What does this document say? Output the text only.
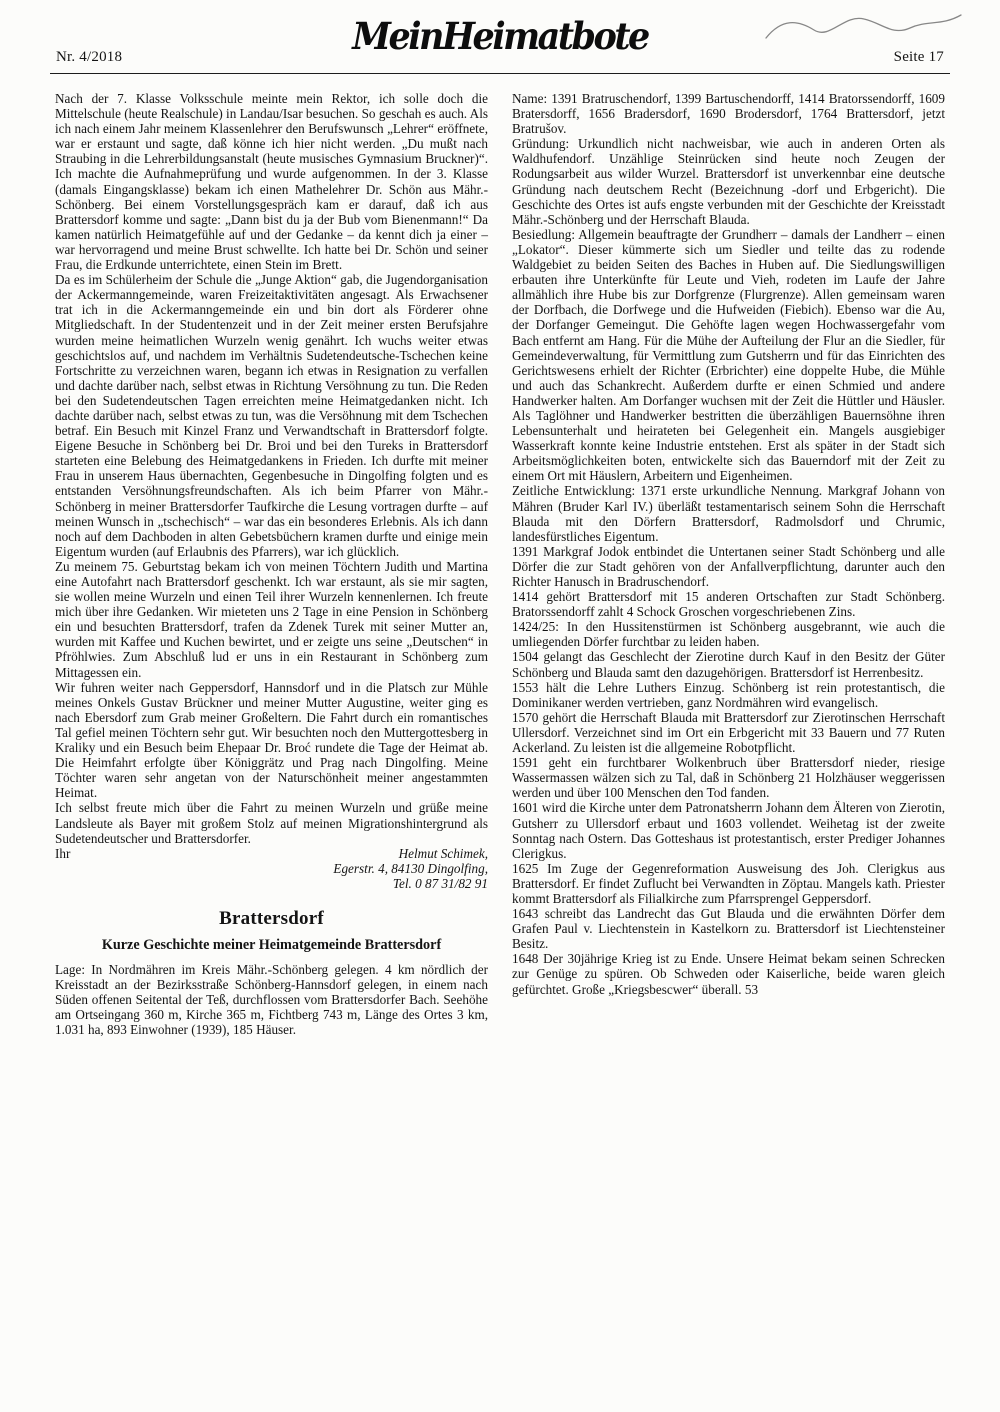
Nr. 4/2018	MeinHeimatbote	Seite 17

Nach der 7. Klasse Volksschule meinte mein Rektor, ich solle doch die Mittelschule (heute Realschule) in Landau/Isar besuchen. So geschah es auch. Als ich nach einem Jahr meinem Klassenlehrer den Berufswunsch „Lehrer“ eröffnete, war er erstaunt und sagte, daß könne ich hier nicht werden. „Du mußt nach Straubing in die Lehrerbildungsanstalt (heute musisches Gymnasium Bruckner)“. Ich machte die Aufnahmeprüfung und wurde aufgenommen. In der 3. Klasse (damals Eingangsklasse) bekam ich einen Mathelehrer Dr. Schön aus Mähr.-Schönberg. Bei einem Vorstellungsgespräch kam er darauf, daß ich aus Brattersdorf komme und sagte: „Dann bist du ja der Bub vom Bienenmann!“ Da kamen natürlich Heimatgefühle auf und der Gedanke – da kennt dich ja einer – war hervorragend und meine Brust schwellte. Ich hatte bei Dr. Schön und seiner Frau, die Erdkunde unterrichtete, einen Stein im Brett.

Da es im Schülerheim der Schule die „Junge Aktion“ gab, die Jugendorganisation der Ackermanngemeinde, waren Freizeitaktivitäten angesagt. Als Erwachsener trat ich in die Ackermanngemeinde ein und bin dort als Förderer ohne Mitgliedschaft. In der Studentenzeit und in der Zeit meiner ersten Berufsjahre wurden meine heimatlichen Wurzeln wenig genährt. Ich wuchs weiter etwas geschichtslos auf, und nachdem im Verhältnis Sudetendeutsche-Tschechen keine Fortschritte zu verzeichnen waren, begann ich etwas in Resignation zu verfallen und dachte darüber nach, selbst etwas in Richtung Versöhnung zu tun. Die Reden bei den Sudetendeutschen Tagen erreichten meine Heimatgedanken nicht. Ich dachte darüber nach, selbst etwas zu tun, was die Versöhnung mit dem Tschechen betraf. Ein Besuch mit Kinzel Franz und Verwandtschaft in Brattersdorf folgte. Eigene Besuche in Schönberg bei Dr. Broi und bei den Tureks in Brattersdorf starteten eine Belebung des Heimatgedankens in Frieden. Ich durfte mit meiner Frau in unserem Haus übernachten, Gegenbesuche in Dingolfing folgten und es entstanden Versöhnungsfreundschaften. Als ich beim Pfarrer von Mähr.-Schönberg in meiner Brattersdorfer Taufkirche die Lesung vortragen durfte – auf meinen Wunsch in „tschechisch“ – war das ein besonderes Erlebnis. Als ich dann noch auf dem Dachboden in alten Gebetsbüchern kramen durfte und einige mein Eigentum wurden (auf Erlaubnis des Pfarrers), war ich glücklich.

Zu meinem 75. Geburtstag bekam ich von meinen Töchtern Judith und Martina eine Autofahrt nach Brattersdorf geschenkt. Ich war erstaunt, als sie mir sagten, sie wollen meine Wurzeln und einen Teil ihrer Wurzeln kennenlernen. Ich freute mich über ihre Gedanken. Wir mieteten uns 2 Tage in eine Pension in Schönberg ein und besuchten Brattersdorf, trafen da Zdenek Turek mit seiner Mutter an, wurden mit Kaffee und Kuchen bewirtet, und er zeigte uns seine „Deutschen“ in Pfröhlwies. Zum Abschluß lud er uns in ein Restaurant in Schönberg zum Mittagessen ein.

Wir fuhren weiter nach Geppersdorf, Hannsdorf und in die Platsch zur Mühle meines Onkels Gustav Brückner und meiner Mutter Augustine, weiter ging es nach Ebersdorf zum Grab meiner Großeltern. Die Fahrt durch ein romantisches Tal gefiel meinen Töchtern sehr gut. Wir besuchten noch den Muttergottesberg in Kraliky und ein Besuch beim Ehepaar Dr. Broć rundete die Tage der Heimat ab. Die Heimfahrt erfolgte über Königgrätz und Prag nach Dingolfing. Meine Töchter waren sehr angetan von der Naturschönheit meiner angestammten Heimat.

Ich selbst freute mich über die Fahrt zu meinen Wurzeln und grüße meine Landsleute als Bayer mit großem Stolz auf meinen Migrationshintergrund als Sudetendeutscher und Brattersdorfer.

Ihr	Helmut Schimek,

Egerstr. 4, 84130 Dingolfing,

Tel. 0 87 31/82 91

Brattersdorf
Kurze Geschichte meiner Heimatgemeinde Brattersdorf

Lage: In Nordmähren im Kreis Mähr.-Schönberg gelegen. 4 km nördlich der Kreisstadt an der Bezirksstraße Schönberg-Hannsdorf gelegen, in einem nach Süden offenen Seitental der Teß, durchflossen vom Brattersdorfer Bach. Seehöhe am Ortseingang 360 m, Kirche 365 m, Fichtberg 743 m, Länge des Ortes 3 km, 1.031 ha, 893 Einwohner (1939), 185 Häuser.

Name: 1391 Bratruschendorf, 1399 Bartuschendorff, 1414 Bratorssendorff, 1609 Bratersdorff, 1656 Bradersdorf, 1690 Brodersdorf, 1764 Brattersdorf, jetzt Bratrušov.

Gründung: Urkundlich nicht nachweisbar, wie auch in anderen Orten als Waldhufendorf. Unzählige Steinrücken sind heute noch Zeugen der Rodungsarbeit aus wilder Wurzel. Brattersdorf ist unverkennbar eine deutsche Gründung nach deutschem Recht (Bezeichnung -dorf und Erbgericht). Die Geschichte des Ortes ist aufs engste verbunden mit der Geschichte der Kreisstadt Mähr.-Schönberg und der Herrschaft Blauda.

Besiedlung: Allgemein beauftragte der Grundherr – damals der Landherr – einen „Lokator“. Dieser kümmerte sich um Siedler und teilte das zu rodende Waldgebiet zu beiden Seiten des Baches in Huben auf. Die Siedlungswilligen erbauten ihre Unterkünfte für Leute und Vieh, rodeten im Laufe der Jahre allmählich ihre Hube bis zur Dorfgrenze (Flurgrenze). Allen gemeinsam waren der Dorfbach, die Dorfwege und die Hufweiden (Fiebich). Ebenso war die Au, der Dorfanger Gemeingut. Die Gehöfte lagen wegen Hochwassergefahr vom Bach entfernt am Hang. Für die Mühe der Aufteilung der Flur an die Siedler, für Gemeindeverwaltung, für Vermittlung zum Gutsherrn und für das Einrichten des Gerichtswesens erhielt der Richter (Erbrichter) eine doppelte Hube, die Mühle und auch das Schankrecht. Außerdem durfte er einen Schmied und andere Handwerker halten. Am Dorfanger wuchsen mit der Zeit die Hüttler und Häusler. Als Taglöhner und Handwerker bestritten die überzähligen Bauernsöhne ihren Lebensunterhalt und heirateten bei Gelegenheit ein. Mangels ausgiebiger Wasserkraft konnte keine Industrie entstehen. Erst als später in der Stadt sich Arbeitsmöglichkeiten boten, entwickelte sich das Bauerndorf mit der Zeit zu einem Ort mit Häuslern, Arbeitern und Eigenheimen.

Zeitliche Entwicklung: 1371 erste urkundliche Nennung. Markgraf Johann von Mähren (Bruder Karl IV.) überläßt testamentarisch seinem Sohn die Herrschaft Blauda mit den Dörfern Brattersdorf, Radmolsdorf und Chrumic, landesfürstliches Eigentum.

1391 Markgraf Jodok entbindet die Untertanen seiner Stadt Schönberg und alle Dörfer die zur Stadt gehören von der Anfallverpflichtung, darunter auch den Richter Hanusch in Bradruschendorf.

1414 gehört Brattersdorf mit 15 anderen Ortschaften zur Stadt Schönberg. Bratorssendorff zahlt 4 Schock Groschen vorgeschriebenen Zins.

1424/25: In den Hussitenstürmen ist Schönberg ausgebrannt, wie auch die umliegenden Dörfer furchtbar zu leiden haben.

1504 gelangt das Geschlecht der Zierotine durch Kauf in den Besitz der Güter Schönberg und Blauda samt den dazugehörigen. Brattersdorf ist Herrenbesitz.

1553 hält die Lehre Luthers Einzug. Schönberg ist rein protestantisch, die Dominikaner werden vertrieben, ganz Nordmähren wird evangelisch.

1570 gehört die Herrschaft Blauda mit Brattersdorf zur Zierotinschen Herrschaft Ullersdorf. Verzeichnet sind im Ort ein Erbgericht mit 33 Bauern und 77 Ruten Ackerland. Zu leisten ist die allgemeine Robotpflicht.

1591 geht ein furchtbarer Wolkenbruch über Brattersdorf nieder, riesige Wassermassen wälzen sich zu Tal, daß in Schönberg 21 Holzhäuser weggerissen werden und über 100 Menschen den Tod fanden.

1601 wird die Kirche unter dem Patronatsherrn Johann dem Älteren von Zierotin, Gutsherr zu Ullersdorf erbaut und 1603 vollendet. Weihetag ist der zweite Sonntag nach Ostern. Das Gotteshaus ist protestantisch, erster Prediger Johannes Clerigkus.

1625 Im Zuge der Gegenreformation Ausweisung des Joh. Clerigkus aus Brattersdorf. Er findet Zuflucht bei Verwandten in Zöptau. Mangels kath. Priester kommt Brattersdorf als Filialkirche zum Pfarrsprengel Geppersdorf.

1643 schreibt das Landrecht das Gut Blauda und die erwähnten Dörfer dem Grafen Paul v. Liechtenstein in Kastelkorn zu. Brattersdorf ist Liechtensteiner Besitz.

1648 Der 30jährige Krieg ist zu Ende. Unsere Heimat bekam seinen Schrecken zur Genüge zu spüren. Ob Schweden oder Kaiserliche, beide waren gleich gefürchtet. Große „Kriegsbescwer“ überall. 53
